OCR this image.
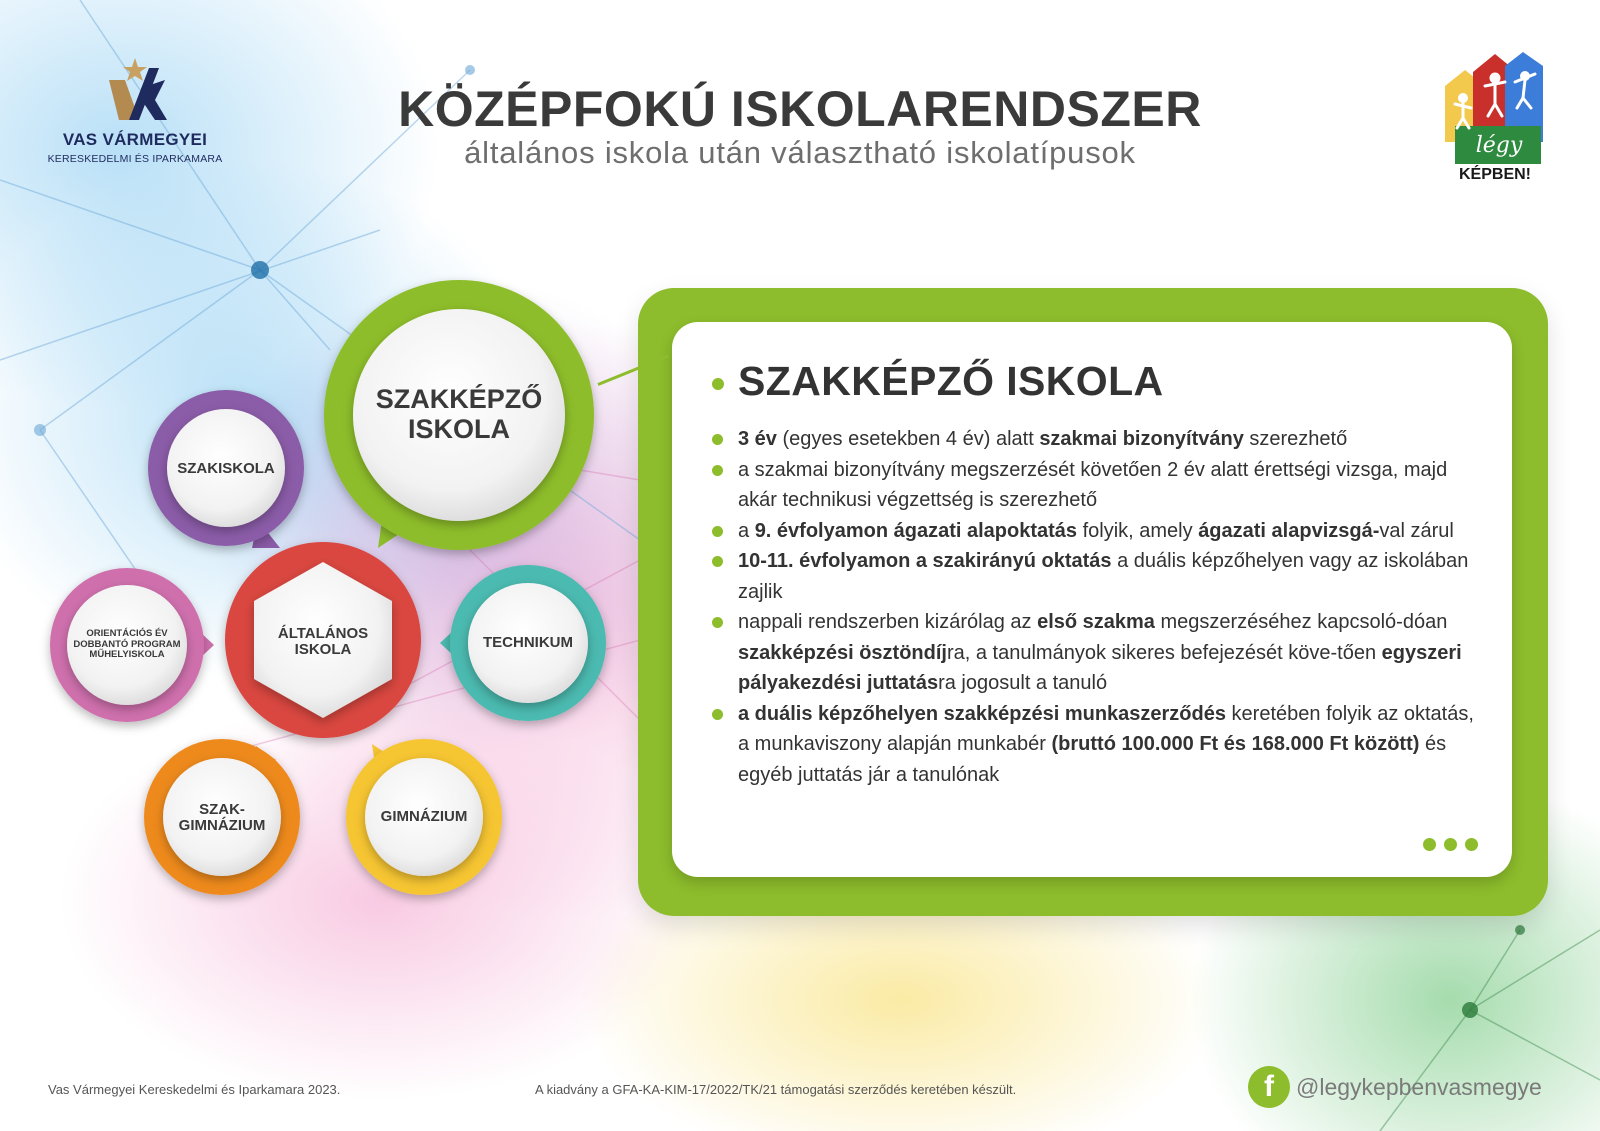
VAS VÁRMEGYEI
KERESKEDELMI ÉS IPARKAMARA
KÖZÉPFOKÚ ISKOLARENDSZER
általános iskola után választható iskolatípusok	légy
KÉPBEN!
SZAKKÉPZŐ
ISKOLA
SZAKISKOLA
ORIENTÁCIÓS ÉV
DOBBANTÓ PROGRAM
MŰHELYISKOLA
ÁLTALÁNOS
ISKOLA	TECHNIKUM
SZAK-
GIMNÁZIUM
GIMNÁZIUM
SZAKKÉPZŐ ISKOLA
3 év (egyes esetekben 4 év) alatt szakmai bizonyítvány szerezhető
a szakmai bizonyítvány megszerzését követően 2 év alatt érettségi vizsga, majd akár technikusi végzettség is szerezhető
a 9. évfolyamon ágazati alapoktatás folyik, amely ágazati alapvizsgá-val zárul
10-11. évfolyamon a szakirányú oktatás a duális képzőhelyen vagy az iskolában zajlik
nappali rendszerben kizárólag az első szakma megszerzéséhez kapcsoló-dóan szakképzési ösztöndíjra, a tanulmányok sikeres befejezését köve-tően egyszeri pályakezdési juttatásra jogosult a tanuló
a duális képzőhelyen szakképzési munkaszerződés keretében folyik az oktatás, a munkaviszony alapján munkabér (bruttó 100.000 Ft és 168.000 Ft között) és egyéb juttatás jár a tanulónak
Vas Vármegyei Kereskedelmi és Iparkamara 2023.	A kiadvány a GFA-KA-KIM-17/2022/TK/21 támogatási szerződés keretében készült.	f @legykepbenvasmegye
